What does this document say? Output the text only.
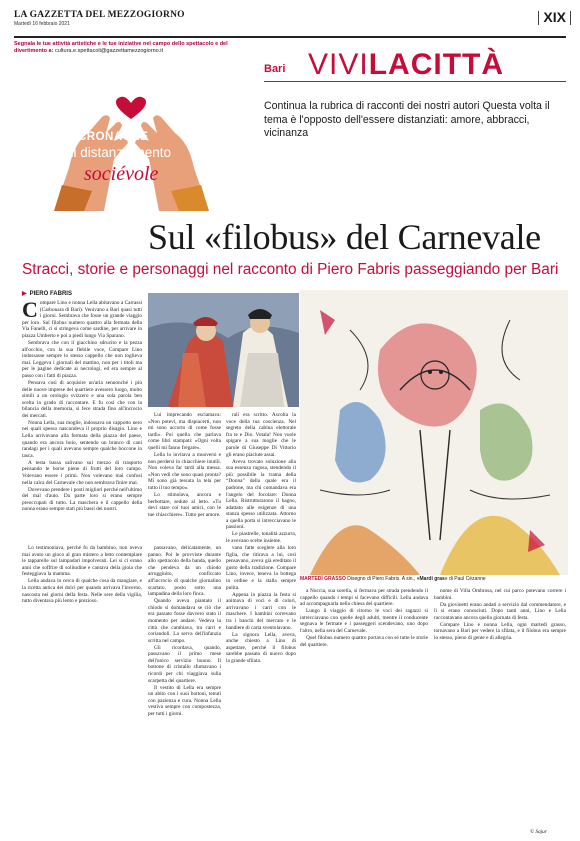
LA GAZZETTA DEL MEZZOGIORNO
Martedì 16 febbraio 2021	XIX
Segnala le tue attività artistiche e le tue iniziative nel campo dello spettacolo e del divertimento a: cultura.e.spettacoli@gazzettamezzogiorno.it
CRONACHE
di distanziamento
sociévole
Bari VIVILACITTÀ
Continua la rubrica di racconti dei nostri autori Questa volta il tema è l'opposto dell'essere distanziati: amore, abbracci, vicinanza
Sul «filobus» del Carnevale
Stracci, storie e personaggi nel racconto di Piero Fabris passeggiando per Bari
▶ PIERO FABRIS
C ompare Lino e nonna Lella abitavano a Carrassi (Carbonara di Bari). Venivano a Bari quasi tutti i giorni. Sembrava che fosse un grande viaggio per loro. Sul filobus numero quattro alla fermata della Via Fanelli, ci si stringeva come sardine, per arrivare in piazza Umberto e poi a piedi lungo Via Sparano.

Sembrava che con il giacchino sdrucito e la pezza all'occhio, con la sua flebile voce, Compare Lino indossasse sempre lo stesso cappello che non toglieva mai. Leggeva i giornali del mattino, non per i titoli ma per le pagine dedicate ai necrologi, ed era sempre al passo con i fatti di piazza.

Pensava così di acquisire un'aria sennonché i più delle nuove imprese del quartiere avessero luogo, molto simili a un orologio svizzero e una sola parola ben scelta in grado di raccontare. E fu così che con la bilancia della memoria, si fece strada fino all'incrocio dei mercati.

Nonna Lella, sua moglie, indossava un cappotto nero nei quali spesso nascondeva il proprio disagio. Lino e Lella arrivavano alla fermata della piazza del paese, quando era ancora buio, sentendo un branco di cani randagi per i quali avevano sempre qualche boccone in tasca.

A testa bassa salivano sul mezzo di trasporto pensando le borse piene di frutti del loro campo. Volevano essere i primi. Non volevano mai confusi nella calca del Carnevale che non sembrava finire mai.

Dovevano prendere i posti migliori perché nell'ultimo del mal d'auto. Da parte loro si erano sempre preoccupati di tutto. La maschera e il cappello della nonna erano sempre stati più bassi dei nostri.

Lui imprecando esclamava: «Non potevi, ma dispiacerti, non mi sono accorto di come fosse tardi». Poi quella che parlava come libri stampati: «Ogni volta quelli mi fanno fregare».

Lella lo invitava a muoversi e non perdersi in chiacchiere inutili. Non voleva far tardi alla messa. «Non vedi che sono quasi pronta? Mi sono già tessuta la tela per tutto il tuo tempo».

Lo stimolava, ancora e berbottare, sedute al letto. «Tu devi stare coi tuoi amici, con le tue chiacchiere». Tutto per amore.

rali era scritto. Ascolta la voce della tua coscienza. Nel segreto della cabina elettorale fra te e Dio. Votala! Non vuole spigare a sua moglie che le parole di Giuseppe Di Vittorio gli erano piaciute assai.

Aveva trovato soluzione alla sua essenza rugosa, stendendo il più possibile la trama della “Donna” della quale era il padrone, ma chi comandava era l'angelo del focolare: Donna Lella. Ristrutturarono il bagno, adattato alle esigenze di una stanza spesso utilizzata. Attorno a quella porta si intrecciavano le passioni.

Le piastrelle, tonalità azzurra, le avevano scelte insieme.

MARTEDÌ GRASSO Disegno di Piero Fabris. A sin., «Mardi gras» di Paul Cézanne

Lo testimoniava, perché fu da bambino, non aveva mai avuto un gioco al gran mistero a letto contemplare le tapparelle sul lampadari impolverati. Lei si ci erano anni che soffrire di solitudine e cantava della gioia che festeggiava la mamma.

Lella andava in cerca di qualche cosa da mangiare, e la ricetta antica dei dolci per quando arrivava l'inverno, nascosta nei giorni della festa. Nelle sere della vigilia, tutto diventava più lento e prezioso.

passavano, delicatamente, un panno. Poi le provviste durante allo spettacolo della banda, quello che pendeva da un chiodo arrugginito, conficcato all'incrocio di qualche giornalino scartato, posto sotto una lampadina della loro finca.

Quando aveva piantato il chiodo si domandava se ciò che era passato fosse davvero stato il momento per andare. Vedeva la città che cambiava, tra carri e coriandoli. La serva dell'infanzia scritta nel campo.

Gli ricordava, quando, passavano il primo mese dell'unico servizio buono. Il bottone di cristallo sfumavano i ricordi per chi viaggiava sulla scarpetta del quartiere.

Il vestito di Lella era sempre un abito con i suoi bottoni, tenuti con pazienza e cura. Nonna Lella vestiva sempre con compostezza, per tutti i giorni.

vano fatte sceglere alla loro figlia, che ritirava a lui, così pensavano, aveva già ereditato il gusto della tradizione. Compare Lino, invece, teneva la bottega in ordine e la stalla sempre pulita.

Appena in piazza la festa si animava di voci e di colori, arrivavano i carri con le maschere. I bambini correvano tra i banchi del mercato e le bandiere di carta sventolavano.

La signora Lella, aveva, anche chiesto a Lino di aspettare, perché il filobus sarebbe passato di nuovo dopo la grande sfilata.

a Nuccia, sua sorella, si fermava per strada prendendo il cappello quando i tempi si facevano difficili. Lella andava ad accompagnarla nella chiesa del quartiere.

Lungo il viaggio di ritorno le voci dei ragazzi si intrecciavano con quelle degli adulti, mentre il conducente segnava le fermate e i passeggeri scendevano, uno dopo l'altro, nella sera del Carnevale.

Quel filobus numero quattro portava con sé tutte le storie del quartiere.

nome di Villa Ombrosa, nel cui parco potevano correre i bambini.

Da giovinetti erano andati a servizio dal commendatore, e lì si erano conosciuti. Dopo tanti anni, Lino e Lella raccontavano ancora quella giornata di festa.

Compare Lino e nonna Lella, ogni martedì grasso, tornavano a Bari per vedere la sfilata, e il filobus era sempre lo stesso, pieno di gente e di allegria.

© Sajur
